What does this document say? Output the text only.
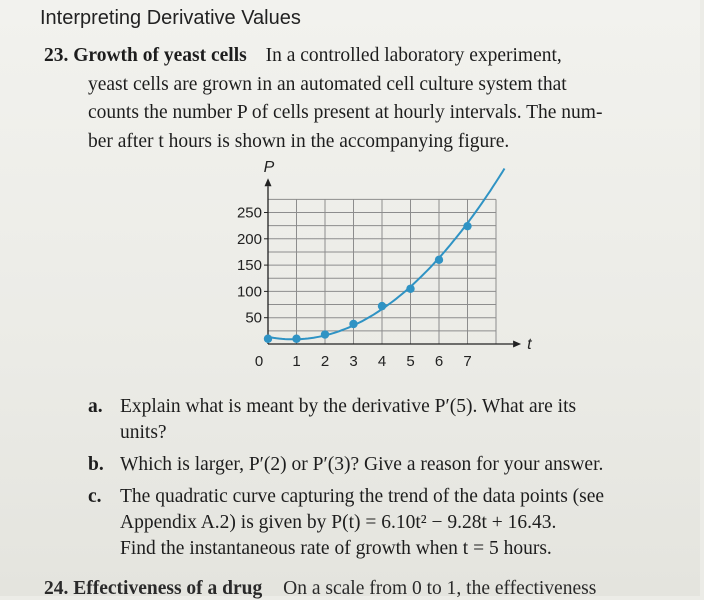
Interpreting Derivative Values
23. Growth of yeast cells In a controlled laboratory experiment,
yeast cells are grown in an automated cell culture system that
counts the number P of cells present at hourly intervals. The num-
ber after t hours is shown in the accompanying figure.
50
100
150
200
250
0 1 2 3 4 5 6 7
t
P
a. Explain what is meant by the derivative P′(5). What are its
units?
b. Which is larger, P′(2) or P′(3)? Give a reason for your answer.
c. The quadratic curve capturing the trend of the data points (see
Appendix A.2) is given by P(t) = 6.10t² − 9.28t + 16.43.
Find the instantaneous rate of growth when t = 5 hours.
24. Effectiveness of a drug On a scale from 0 to 1, the effectiveness
